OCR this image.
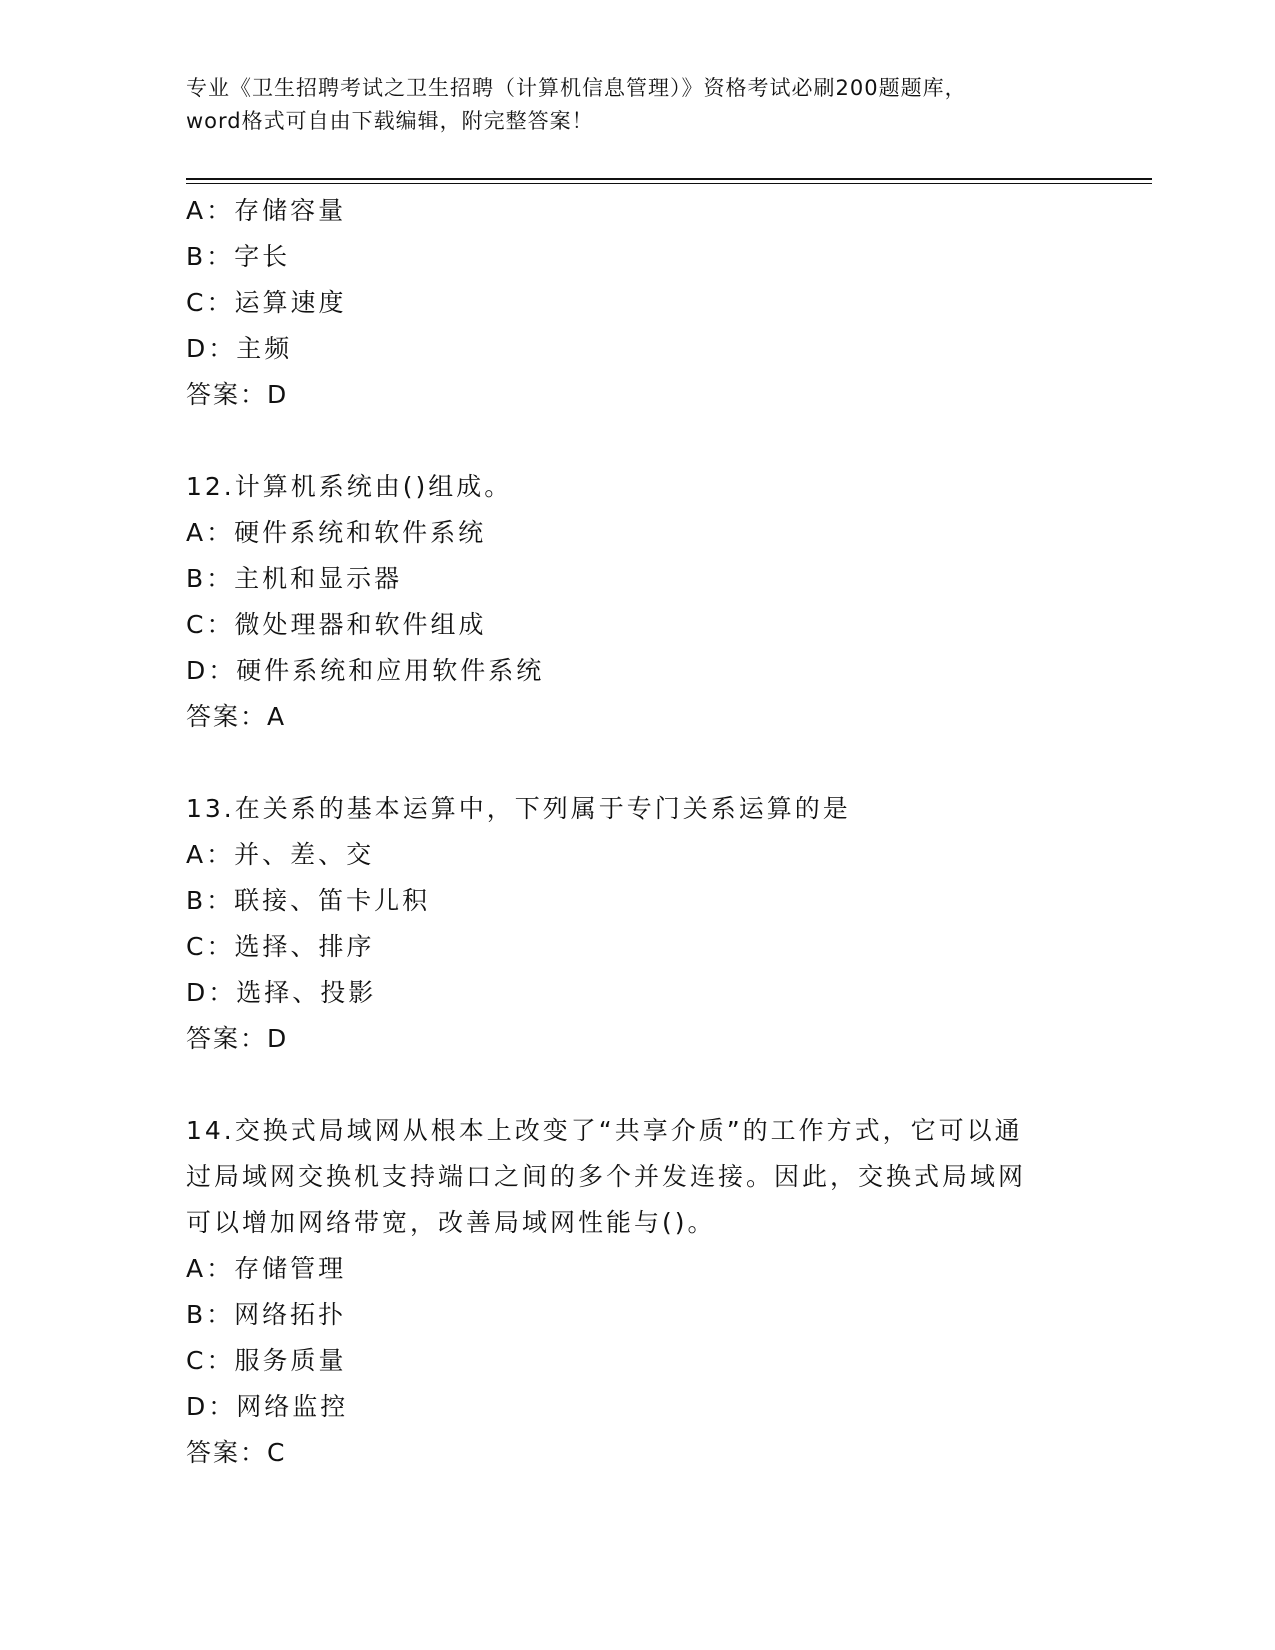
专业《卫生招聘考试之卫生招聘（计算机信息管理）》资格考试必刷200题题库，
word格式可自由下载编辑，附完整答案！
A：存储容量
B：字长
C：运算速度
D：主频
答案：D
12.计算机系统由()组成。
A：硬件系统和软件系统
B：主机和显示器
C：微处理器和软件组成
D：硬件系统和应用软件系统
答案：A
13.在关系的基本运算中，下列属于专门关系运算的是
A：并、差、交
B：联接、笛卡儿积
C：选择、排序
D：选择、投影
答案：D
14.交换式局域网从根本上改变了“共享介质”的工作方式，它可以通
过局域网交换机支持端口之间的多个并发连接。因此，交换式局域网
可以增加网络带宽，改善局域网性能与()。
A：存储管理
B：网络拓扑
C：服务质量
D：网络监控
答案：C
